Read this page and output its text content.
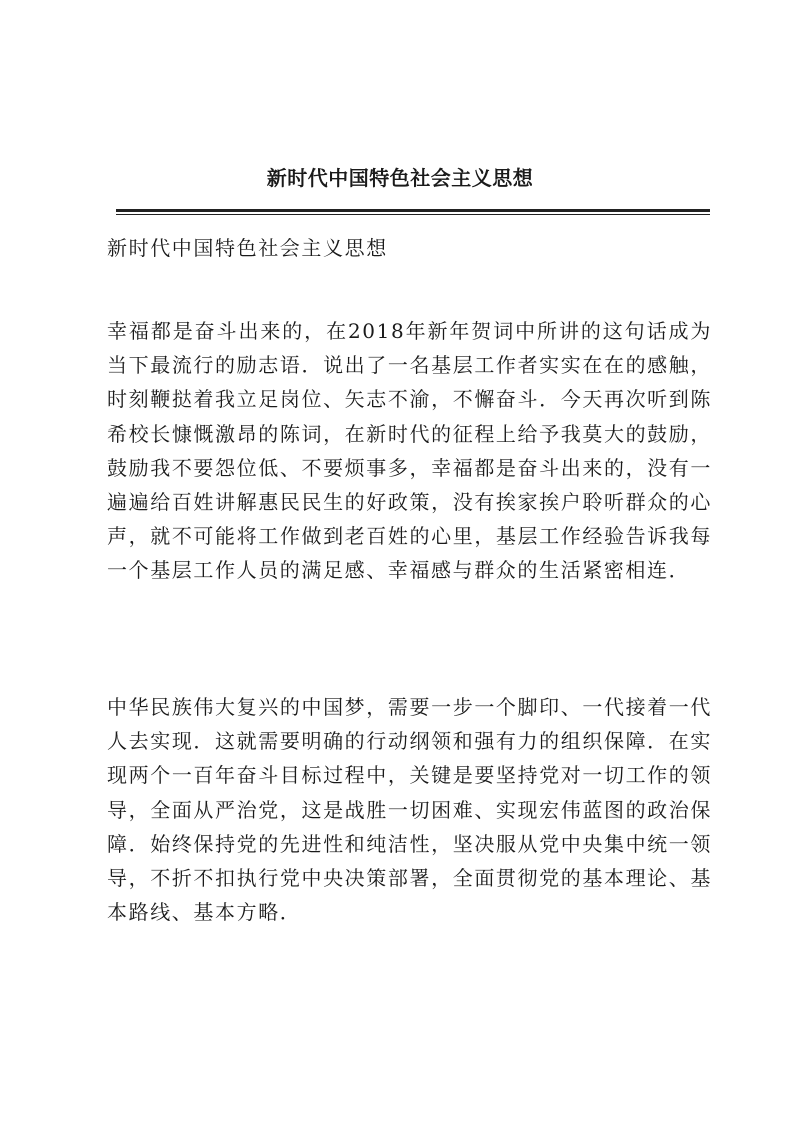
新时代中国特色社会主义思想

新时代中国特色社会主义思想

幸福都是奋斗出来的，在2018年新年贺词中所讲的这句话成为当下最流行的励志语．说出了一名基层工作者实实在在的感触，时刻鞭挞着我立足岗位、矢志不渝，不懈奋斗．今天再次听到陈希校长慷慨激昂的陈词，在新时代的征程上给予我莫大的鼓励，鼓励我不要怨位低、不要烦事多，幸福都是奋斗出来的，没有一遍遍给百姓讲解惠民民生的好政策，没有挨家挨户聆听群众的心声，就不可能将工作做到老百姓的心里，基层工作经验告诉我每一个基层工作人员的满足感、幸福感与群众的生活紧密相连．

中华民族伟大复兴的中国梦，需要一步一个脚印、一代接着一代人去实现．这就需要明确的行动纲领和强有力的组织保障．在实现两个一百年奋斗目标过程中，关键是要坚持党对一切工作的领导，全面从严治党，这是战胜一切困难、实现宏伟蓝图的政治保障．始终保持党的先进性和纯洁性，坚决服从党中央集中统一领导，不折不扣执行党中央决策部署，全面贯彻党的基本理论、基本路线、基本方略．
